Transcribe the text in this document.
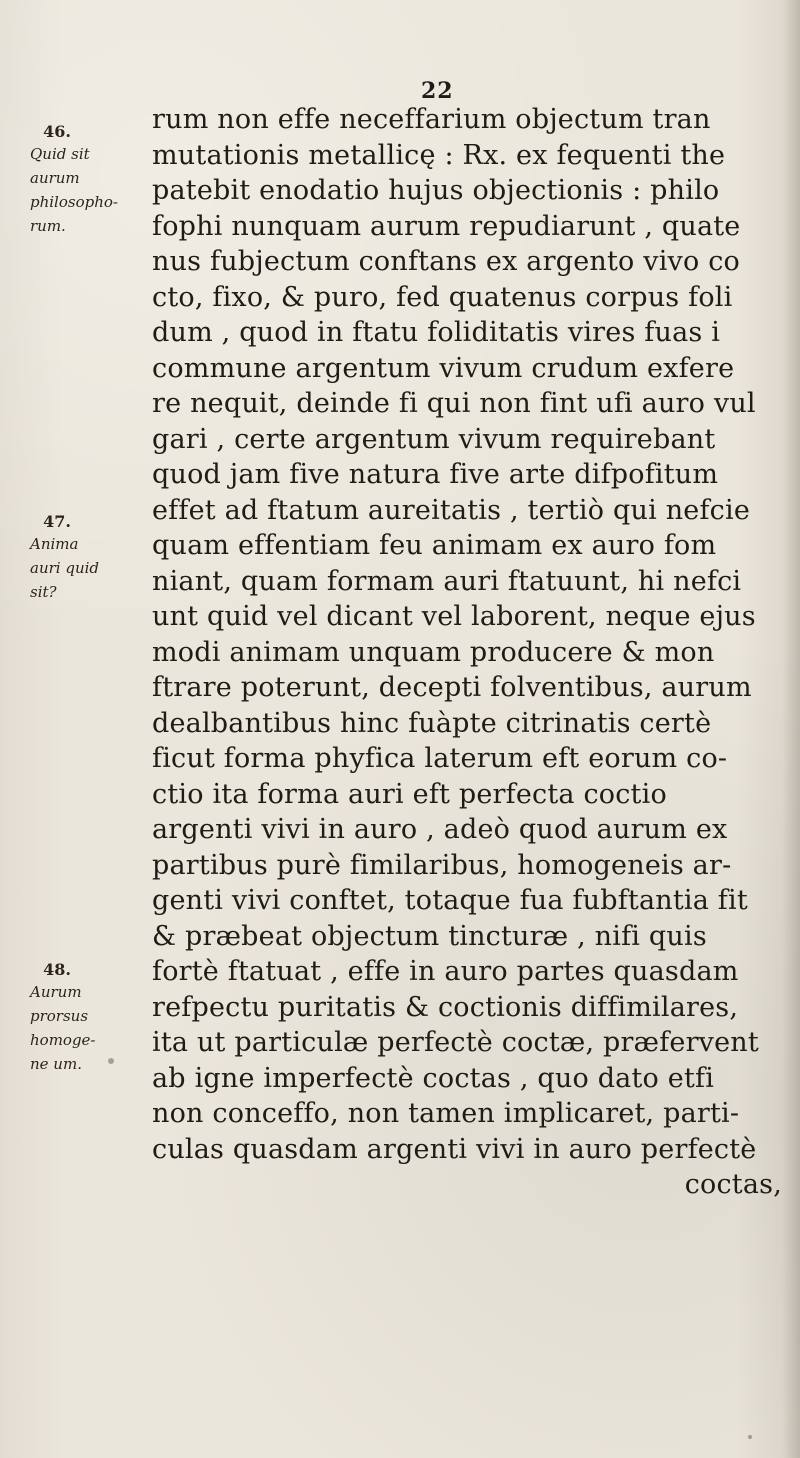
22

46.
Quid sit
aurum
philosopho-
rum.
47.
Anima
auri quid
sit?
48.
Aurum
prorsus
homoge-
ne um.
rum non effe neceffarium objectum tran
mutationis metallicę : Rx. ex fequenti the
patebit enodatio hujus objectionis : philo
fophi nunquam aurum repudiarunt , quate
nus fubjectum conftans ex argento vivo co
cto, fixo, & puro, fed quatenus corpus foli
dum , quod in ftatu foliditatis vires fuas i
commune argentum vivum crudum exfere
re nequit, deinde fi qui non fint ufi auro vul
gari , certe argentum vivum requirebant
quod jam five natura five arte difpofitum
effet ad ftatum aureitatis , tertiò qui nefcie
quam effentiam feu animam ex auro fom
niant, quam formam auri ftatuunt, hi nefci
unt quid vel dicant vel laborent, neque ejus
modi animam unquam producere & mon
ftrare poterunt, decepti folventibus, aurum
dealbantibus hinc fuàpte citrinatis certè
ficut forma phyfica laterum eft eorum co-
ctio ita forma auri eft perfecta coctio
argenti vivi in auro , adeò quod aurum ex
partibus purè fimilaribus, homogeneis ar-
genti vivi conftet, totaque fua fubftantia fit
& præbeat objectum tincturæ , nifi quis
fortè ftatuat , effe in auro partes quasdam
refpectu puritatis & coctionis diffimilares,
ita ut particulæ perfectè coctæ, præfervent
ab igne imperfectè coctas , quo dato etfi
non conceffo, non tamen implicaret, parti-
culas quasdam argenti vivi in auro perfectè
coctas,
